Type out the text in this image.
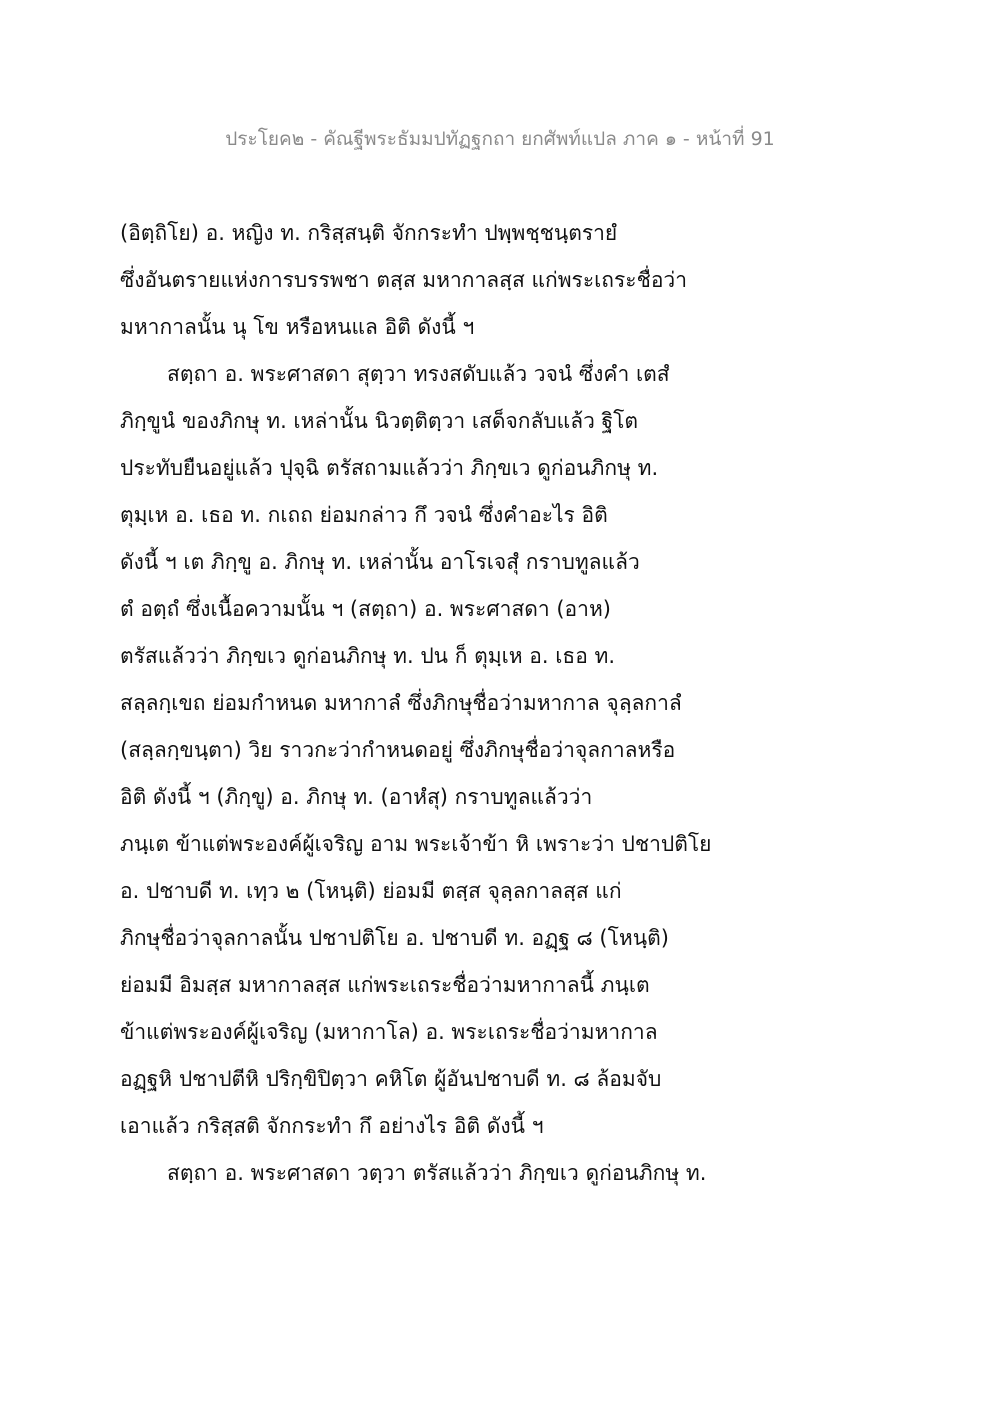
ประโยค๒ - คัณฐีพระธัมมปทัฏฐกถา ยกศัพท์แปล ภาค ๑ - หน้าที่ 91
(อิตฺถิโย) อ. หญิง ท. กริสฺสนฺติ จักกระทำ ปพฺพชฺชนฺตรายํ
ซึ่งอันตรายแห่งการบรรพชา ตสฺส มหากาลสฺส แก่พระเถระชื่อว่า
มหากาลนั้น นุ โข หรือหนแล อิติ ดังนี้ ฯ
สตฺถา อ. พระศาสดา สุตฺวา ทรงสดับแล้ว วจนํ ซึ่งคำ เตสํ
ภิกฺขูนํ ของภิกษุ ท. เหล่านั้น นิวตฺติตฺวา เสด็จกลับแล้ว ฐิโต
ประทับยืนอยู่แล้ว ปุจฺฉิ ตรัสถามแล้วว่า ภิกฺขเว ดูก่อนภิกษุ ท.
ตุมฺเห อ. เธอ ท. กเถถ ย่อมกล่าว กึ วจนํ ซึ่งคำอะไร อิติ
ดังนี้ ฯ เต ภิกฺขู อ. ภิกษุ ท. เหล่านั้น อาโรเจสุํ กราบทูลแล้ว
ตํ อตฺถํ ซึ่งเนื้อความนั้น ฯ (สตฺถา) อ. พระศาสดา (อาห)
ตรัสแล้วว่า ภิกฺขเว ดูก่อนภิกษุ ท. ปน ก็ ตุมฺเห อ. เธอ ท.
สลฺลกฺเขถ ย่อมกำหนด มหากาลํ ซึ่งภิกษุชื่อว่ามหากาล จุลฺลกาลํ
(สลฺลกฺขนฺตา) วิย ราวกะว่ากำหนดอยู่ ซึ่งภิกษุชื่อว่าจุลกาลหรือ
อิติ ดังนี้ ฯ (ภิกฺขู) อ. ภิกษุ ท. (อาหํสุ) กราบทูลแล้วว่า
ภนฺเต ข้าแต่พระองค์ผู้เจริญ อาม พระเจ้าข้า หิ เพราะว่า ปชาปติโย
อ. ปชาบดี ท. เทฺว ๒ (โหนฺติ) ย่อมมี ตสฺส จุลฺลกาลสฺส แก่
ภิกษุชื่อว่าจุลกาลนั้น ปชาปติโย อ. ปชาบดี ท. อฏฺฐ ๘ (โหนฺติ)
ย่อมมี อิมสฺส มหากาลสฺส แก่พระเถระชื่อว่ามหากาลนี้ ภนฺเต
ข้าแต่พระองค์ผู้เจริญ (มหากาโล) อ. พระเถระชื่อว่ามหากาล
อฏฺฐหิ ปชาปตีหิ ปริกฺขิปิตฺวา คหิโต ผู้อันปชาบดี ท. ๘ ล้อมจับ
เอาแล้ว กริสฺสติ จักกระทำ กึ อย่างไร อิติ ดังนี้ ฯ
สตฺถา อ. พระศาสดา วตฺวา ตรัสแล้วว่า ภิกฺขเว ดูก่อนภิกษุ ท.
